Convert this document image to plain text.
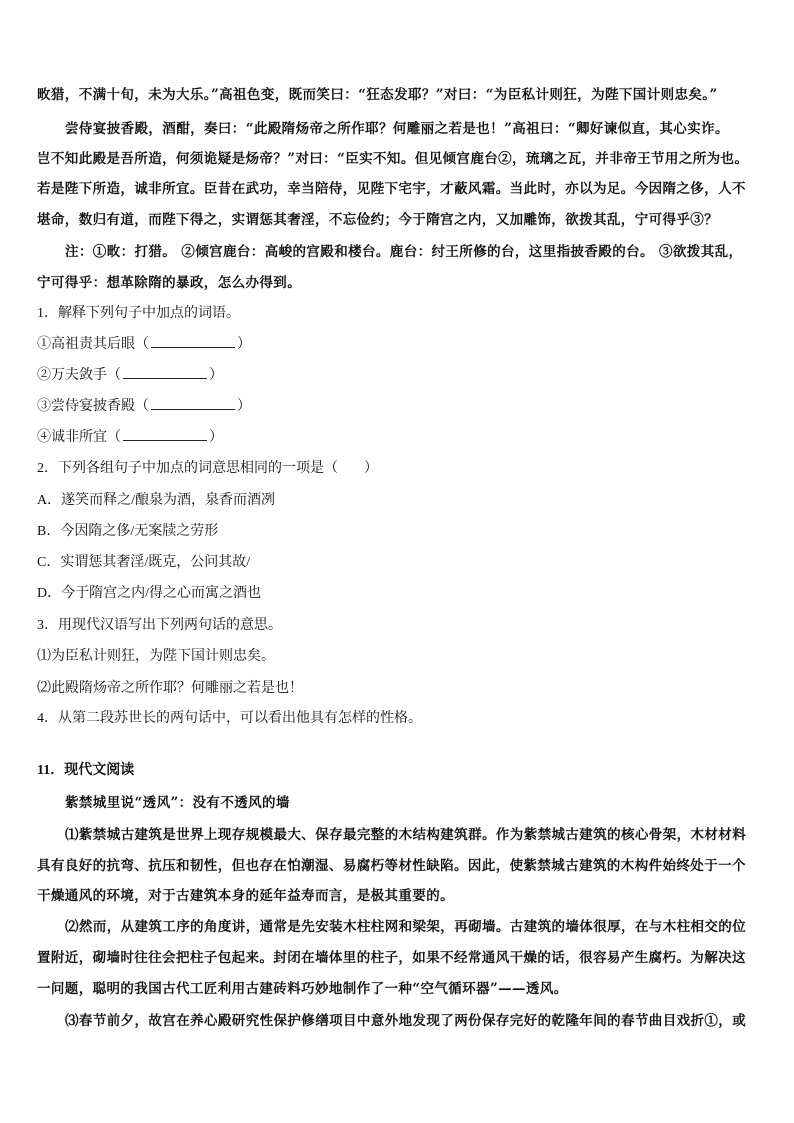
畋猎，不满十旬，未为大乐。”高祖色变，既而笑曰：“狂态发耶？”对曰：“为臣私计则狂，为陛下国计则忠矣。”
尝侍宴披香殿，酒酣，奏曰：“此殿隋炀帝之所作耶？何雕丽之若是也！”高祖曰：“卿好谏似直，其心实诈。
岂不知此殿是吾所造，何须诡疑是炀帝？”对曰：“臣实不知。但见倾宫鹿台②，琉璃之瓦，并非帝王节用之所为也。
若是陛下所造，诚非所宜。臣昔在武功，幸当陪侍，见陛下宅宇，才蔽风霜。当此时，亦以为足。今因隋之侈，人不
堪命，数归有道，而陛下得之，实谓惩其奢淫，不忘俭约；今于隋宫之内，又加雕饰，欲拨其乱，宁可得乎③？
注：①畋：打猎。 ②倾宫鹿台：高峻的宫殿和楼台。鹿台：纣王所修的台，这里指披香殿的台。 ③欲拨其乱，
宁可得乎：想革除隋的暴政，怎么办得到。
1．解释下列句子中加点的词语。
①高祖责其后眼（	）
②万夫敛手（	）
③尝侍宴披香殿（	）
④诚非所宜（	）
2．下列各组句子中加点的词意思相同的一项是（ ）
A．遂笑而释之/酿泉为酒，泉香而酒冽
B．今因隋之侈/无案牍之劳形
C．实谓惩其奢淫/既克，公问其故/
D．今于隋宫之内/得之心而寓之酒也
3．用现代汉语写出下列两句话的意思。
⑴为臣私计则狂，为陛下国计则忠矣。
⑵此殿隋炀帝之所作耶？何雕丽之若是也！
4．从第二段苏世长的两句话中，可以看出他具有怎样的性格。
11．现代文阅读
紫禁城里说“透风”：没有不透风的墙
⑴紫禁城古建筑是世界上现存规模最大、保存最完整的木结构建筑群。作为紫禁城古建筑的核心骨架，木材材料
具有良好的抗弯、抗压和韧性，但也存在怕潮湿、易腐朽等材性缺陷。因此，使紫禁城古建筑的木构件始终处于一个
干燥通风的环境，对于古建筑本身的延年益寿而言，是极其重要的。
⑵然而，从建筑工序的角度讲，通常是先安装木柱柱网和梁架，再砌墙。古建筑的墙体很厚，在与木柱相交的位
置附近，砌墙时往往会把柱子包起来。封闭在墙体里的柱子，如果不经常通风干燥的话，很容易产生腐朽。为解决这
一问题，聪明的我国古代工匠利用古建砖料巧妙地制作了一种“空气循环器”——透风。
⑶春节前夕，故宫在养心殿研究性保护修缮项目中意外地发现了两份保存完好的乾隆年间的春节曲目戏折①，或
